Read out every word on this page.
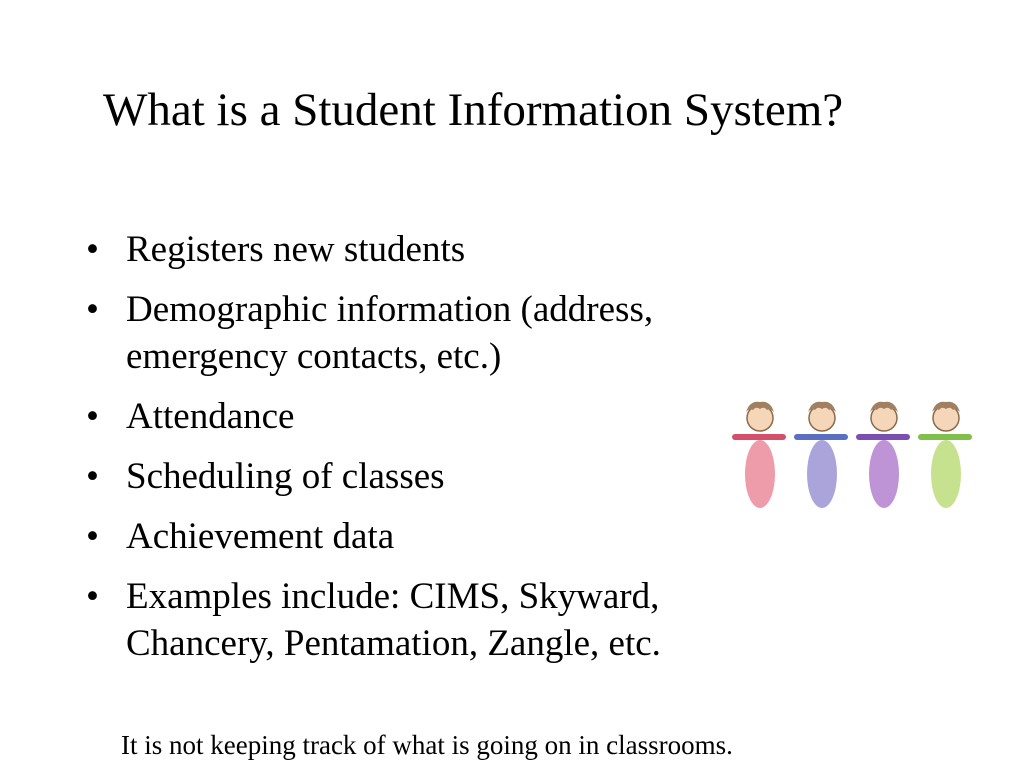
What is a Student Information System?
• Registers new students
• Demographic information (address,
emergency contacts, etc.)
• Attendance
• Scheduling of classes
• Achievement data
• Examples include: CIMS, Skyward,
Chancery, Pentamation, Zangle, etc.
It is not keeping track of what is going on in classrooms.
